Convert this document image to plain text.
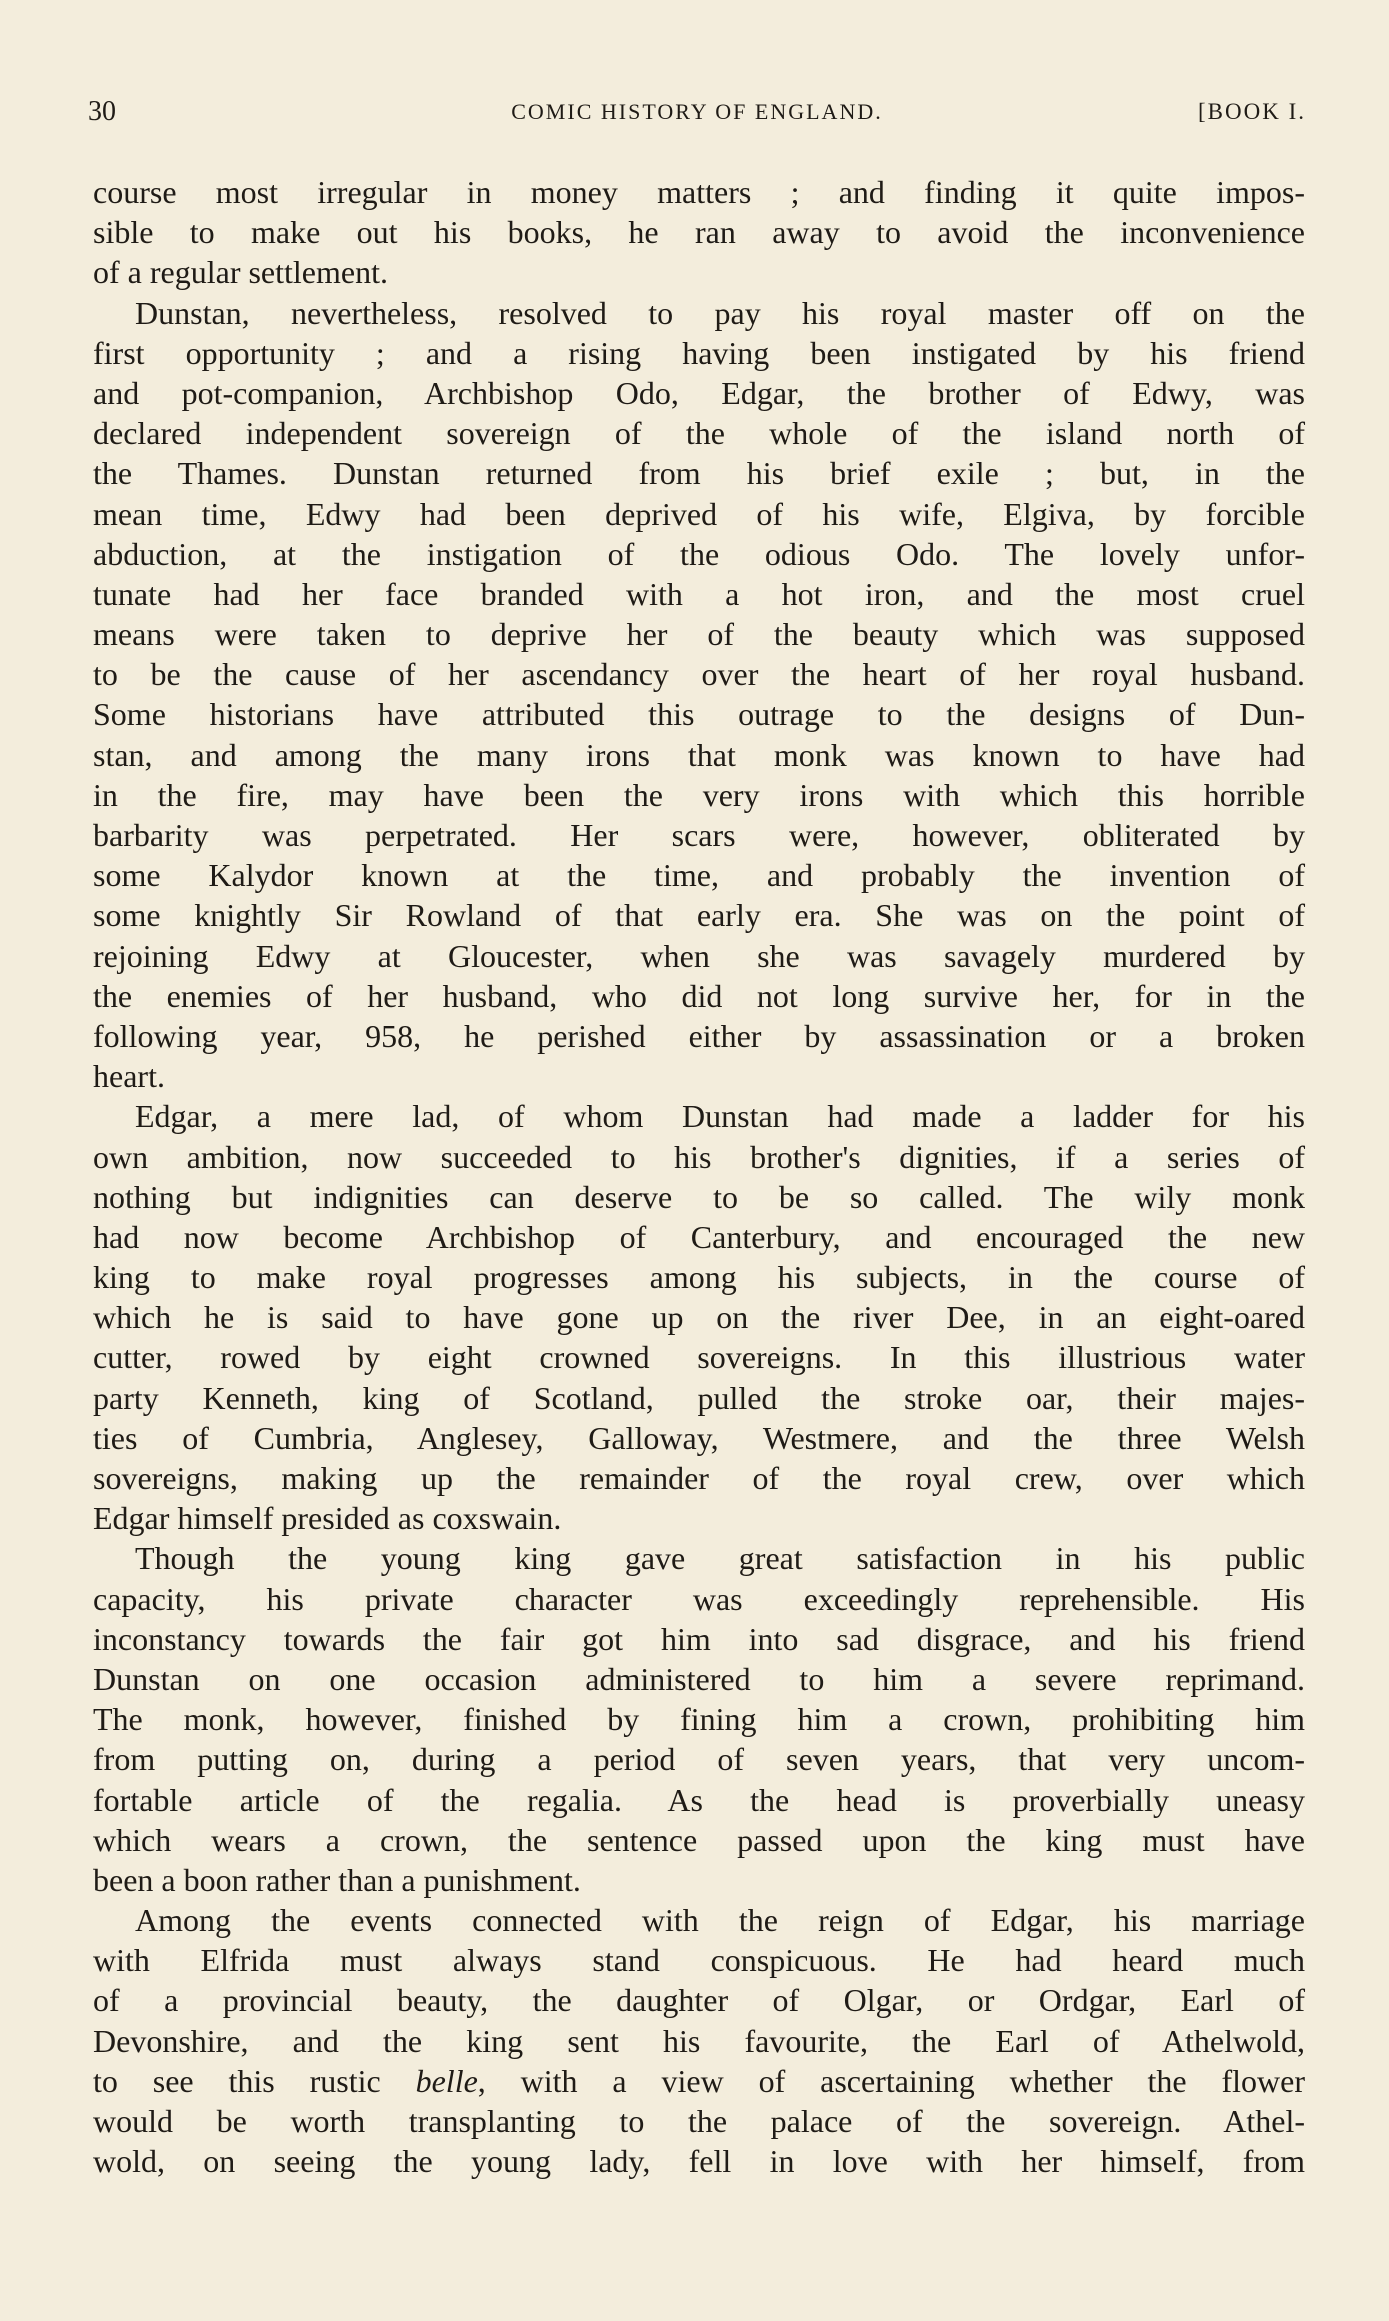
30	COMIC HISTORY OF ENGLAND.	[BOOK I.
course most irregular in money matters ; and finding it quite impos-
sible to make out his books, he ran away to avoid the inconvenience
of a regular settlement.
Dunstan, nevertheless, resolved to pay his royal master off on the
first opportunity ; and a rising having been instigated by his friend
and pot-companion, Archbishop Odo, Edgar, the brother of Edwy, was
declared independent sovereign of the whole of the island north of
the Thames. Dunstan returned from his brief exile ; but, in the
mean time, Edwy had been deprived of his wife, Elgiva, by forcible
abduction, at the instigation of the odious Odo. The lovely unfor-
tunate had her face branded with a hot iron, and the most cruel
means were taken to deprive her of the beauty which was supposed
to be the cause of her ascendancy over the heart of her royal husband.
Some historians have attributed this outrage to the designs of Dun-
stan, and among the many irons that monk was known to have had
in the fire, may have been the very irons with which this horrible
barbarity was perpetrated. Her scars were, however, obliterated by
some Kalydor known at the time, and probably the invention of
some knightly Sir Rowland of that early era. She was on the point of
rejoining Edwy at Gloucester, when she was savagely murdered by
the enemies of her husband, who did not long survive her, for in the
following year, 958, he perished either by assassination or a broken
heart.
Edgar, a mere lad, of whom Dunstan had made a ladder for his
own ambition, now succeeded to his brother's dignities, if a series of
nothing but indignities can deserve to be so called. The wily monk
had now become Archbishop of Canterbury, and encouraged the new
king to make royal progresses among his subjects, in the course of
which he is said to have gone up on the river Dee, in an eight-oared
cutter, rowed by eight crowned sovereigns. In this illustrious water
party Kenneth, king of Scotland, pulled the stroke oar, their majes-
ties of Cumbria, Anglesey, Galloway, Westmere, and the three Welsh
sovereigns, making up the remainder of the royal crew, over which
Edgar himself presided as coxswain.
Though the young king gave great satisfaction in his public
capacity, his private character was exceedingly reprehensible. His
inconstancy towards the fair got him into sad disgrace, and his friend
Dunstan on one occasion administered to him a severe reprimand.
The monk, however, finished by fining him a crown, prohibiting him
from putting on, during a period of seven years, that very uncom-
fortable article of the regalia. As the head is proverbially uneasy
which wears a crown, the sentence passed upon the king must have
been a boon rather than a punishment.
Among the events connected with the reign of Edgar, his marriage
with Elfrida must always stand conspicuous. He had heard much
of a provincial beauty, the daughter of Olgar, or Ordgar, Earl of
Devonshire, and the king sent his favourite, the Earl of Athelwold,
to see this rustic belle, with a view of ascertaining whether the flower
would be worth transplanting to the palace of the sovereign. Athel-
wold, on seeing the young lady, fell in love with her himself, from
